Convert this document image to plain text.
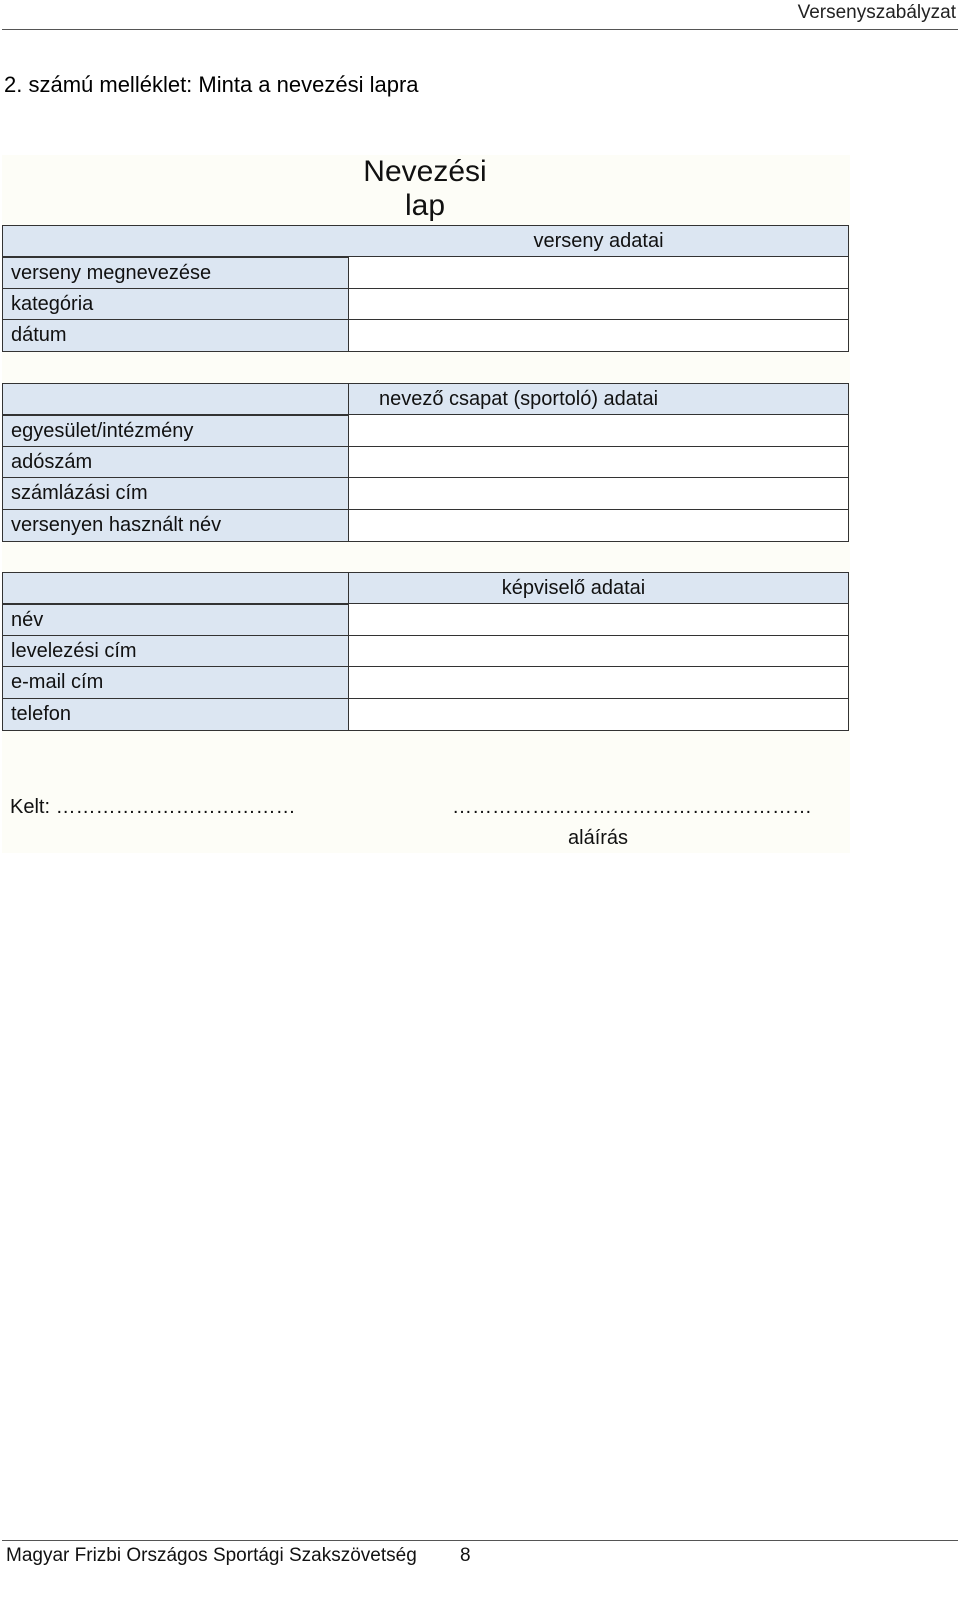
Versenyszabályzat
2. számú melléklet: Minta a nevezési lapra
Nevezési lap
verseny adatai
verseny megnevezése
kategória
dátum
nevező csapat (sportoló) adatai
egyesület/intézmény
adószám
számlázási cím
versenyen használt név
képviselő adatai
név
levelezési cím
e-mail cím
telefon
Kelt: ………………………………	………………………………………………
aláírás
Magyar Frizbi Országos Sportági Szakszövetség 8
